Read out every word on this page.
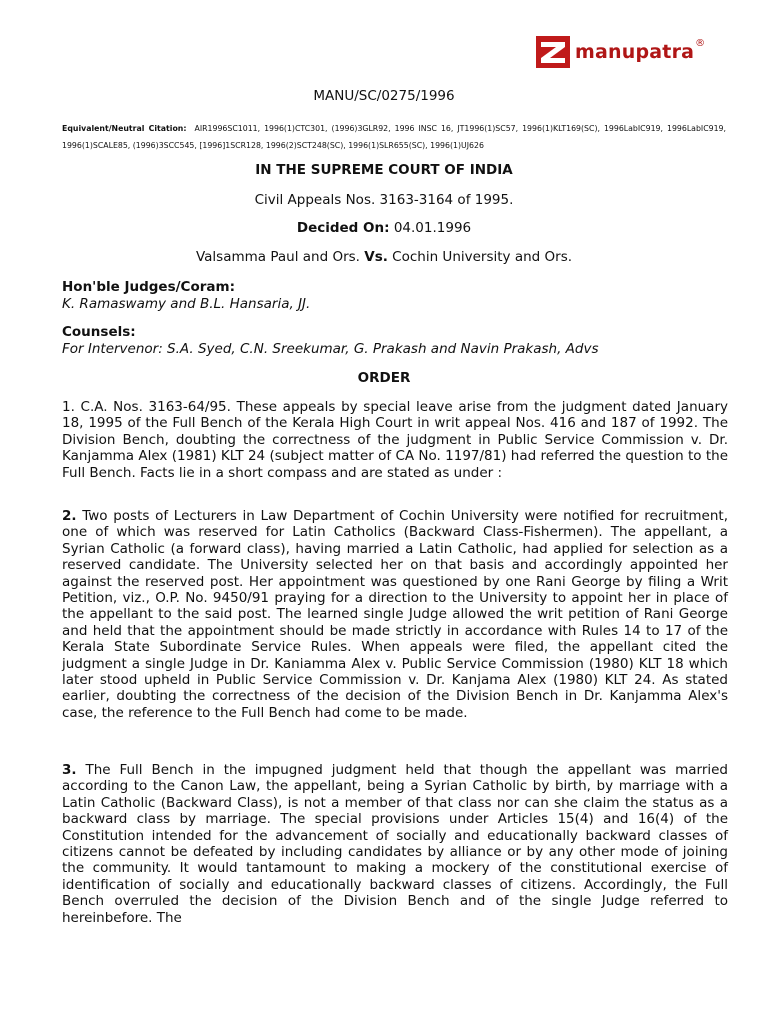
manupatra ®
MANU/SC/0275/1996
Equivalent/Neutral Citation: AIR1996SC1011, 1996(1)CTC301, (1996)3GLR92, 1996 INSC 16, JT1996(1)SC57, 1996(1)KLT169(SC), 1996LabIC919, 1996LabIC919, 1996(1)SCALE85, (1996)3SCC545, [1996]1SCR128, 1996(2)SCT248(SC), 1996(1)SLR655(SC), 1996(1)UJ626
IN THE SUPREME COURT OF INDIA
Civil Appeals Nos. 3163-3164 of 1995.
Decided On: 04.01.1996
Valsamma Paul and Ors. Vs. Cochin University and Ors.
Hon'ble Judges/Coram:
K. Ramaswamy and B.L. Hansaria, JJ.
Counsels:
For Intervenor: S.A. Syed, C.N. Sreekumar, G. Prakash and Navin Prakash, Advs
ORDER

1. C.A. Nos. 3163-64/95. These appeals by special leave arise from the judgment dated January 18, 1995 of the Full Bench of the Kerala High Court in writ appeal Nos. 416 and 187 of 1992. The Division Bench, doubting the correctness of the judgment in Public Service Commission v. Dr. Kanjamma Alex (1981) KLT 24 (subject matter of CA No. 1197/81) had referred the question to the Full Bench. Facts lie in a short compass and are stated as under :

2. Two posts of Lecturers in Law Department of Cochin University were notified for recruitment, one of which was reserved for Latin Catholics (Backward Class-Fishermen). The appellant, a Syrian Catholic (a forward class), having married a Latin Catholic, had applied for selection as a reserved candidate. The University selected her on that basis and accordingly appointed her against the reserved post. Her appointment was questioned by one Rani George by filing a Writ Petition, viz., O.P. No. 9450/91 praying for a direction to the University to appoint her in place of the appellant to the said post. The learned single Judge allowed the writ petition of Rani George and held that the appointment should be made strictly in accordance with Rules 14 to 17 of the Kerala State Subordinate Service Rules. When appeals were filed, the appellant cited the judgment a single Judge in Dr. Kaniamma Alex v. Public Service Commission (1980) KLT 18 which later stood upheld in Public Service Commission v. Dr. Kanjama Alex (1980) KLT 24. As stated earlier, doubting the correctness of the decision of the Division Bench in Dr. Kanjamma Alex's case, the reference to the Full Bench had come to be made.

3. The Full Bench in the impugned judgment held that though the appellant was married according to the Canon Law, the appellant, being a Syrian Catholic by birth, by marriage with a Latin Catholic (Backward Class), is not a member of that class nor can she claim the status as a backward class by marriage. The special provisions under Articles 15(4) and 16(4) of the Constitution intended for the advancement of socially and educationally backward classes of citizens cannot be defeated by including candidates by alliance or by any other mode of joining the community. It would tantamount to making a mockery of the constitutional exercise of identification of socially and educationally backward classes of citizens. Accordingly, the Full Bench overruled the decision of the Division Bench and of the single Judge referred to hereinbefore. The
